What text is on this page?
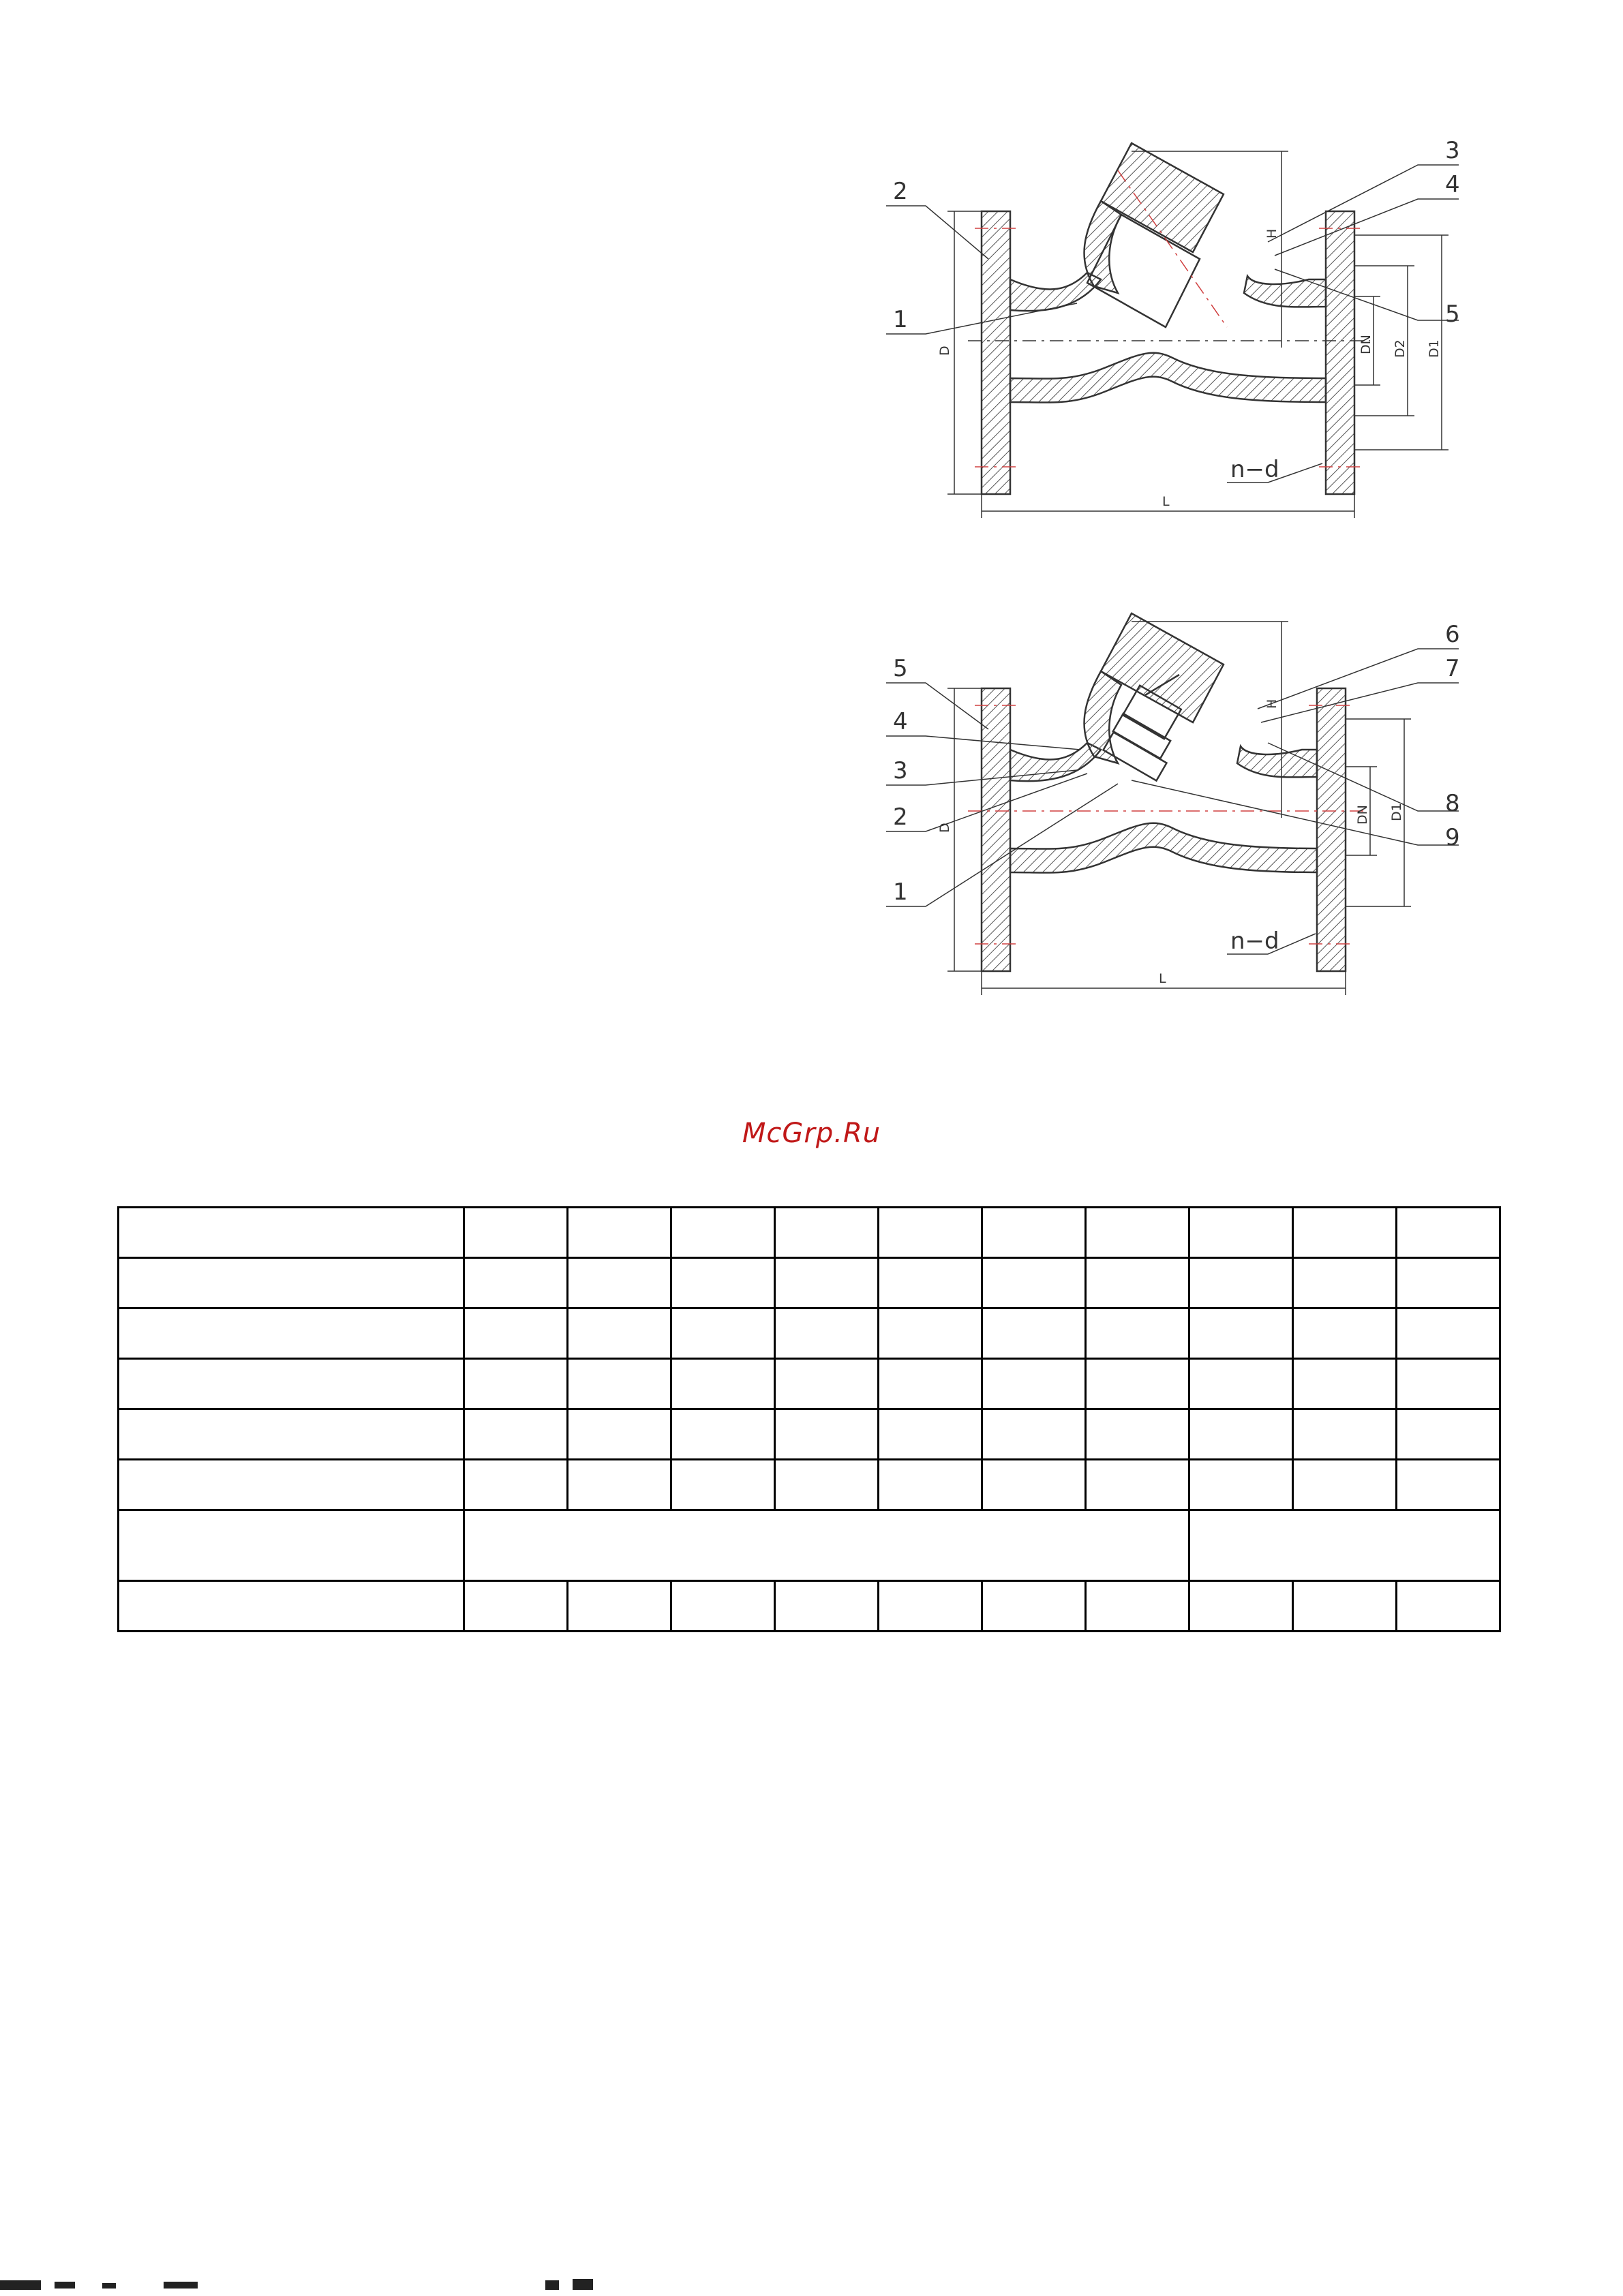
2
1
3
4
5
D
H
DN D2 D1
L
n−d
5
4
3
2
1
6
7
8
9
D
H
DN D1
L
n−d
McGrp.Ru
